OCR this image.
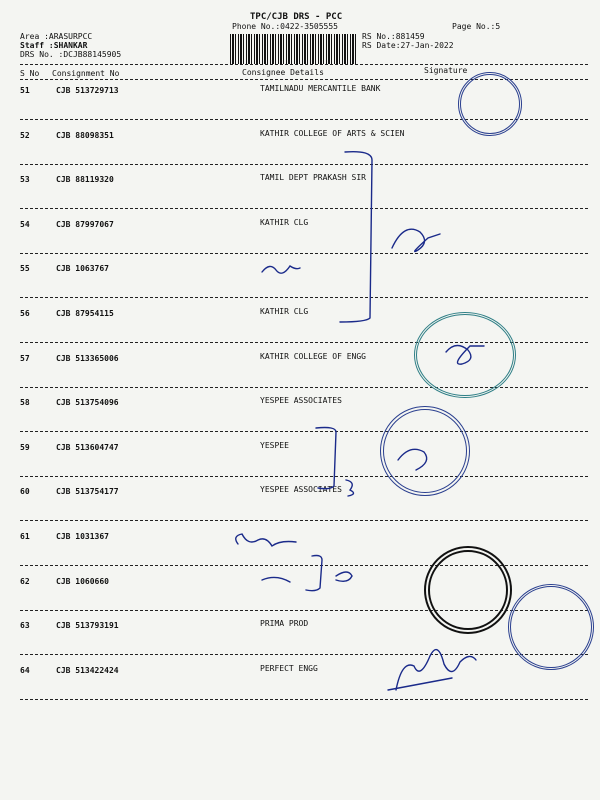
TPC/CJB DRS - PCC
Phone No.:0422-3505555	Page No.:5
Area :ARASURPCC
Staff :SHANKAR
DRS No. :DCJB88145905
RS No.:881459
RS Date:27-Jan-2022
S No Consignment No	Consignee Details	Signature
51	CJB 513729713	TAMILNADU MERCANTILE BANK
52	CJB 88098351	KATHIR COLLEGE OF ARTS & SCIEN
53	CJB 88119320	TAMIL DEPT PRAKASH SIR
54	CJB 87997067	KATHIR CLG
55	CJB 1063767
56	CJB 87954115	KATHIR CLG
57	CJB 513365006	KATHIR COLLEGE OF ENGG
58	CJB 513754096	YESPEE ASSOCIATES
59	CJB 513604747	YESPEE
60	CJB 513754177	YESPEE ASSOCIATES
61	CJB 1031367
62	CJB 1060660
63	CJB 513793191	PRIMA PROD
64	CJB 513422424	PERFECT ENGG
